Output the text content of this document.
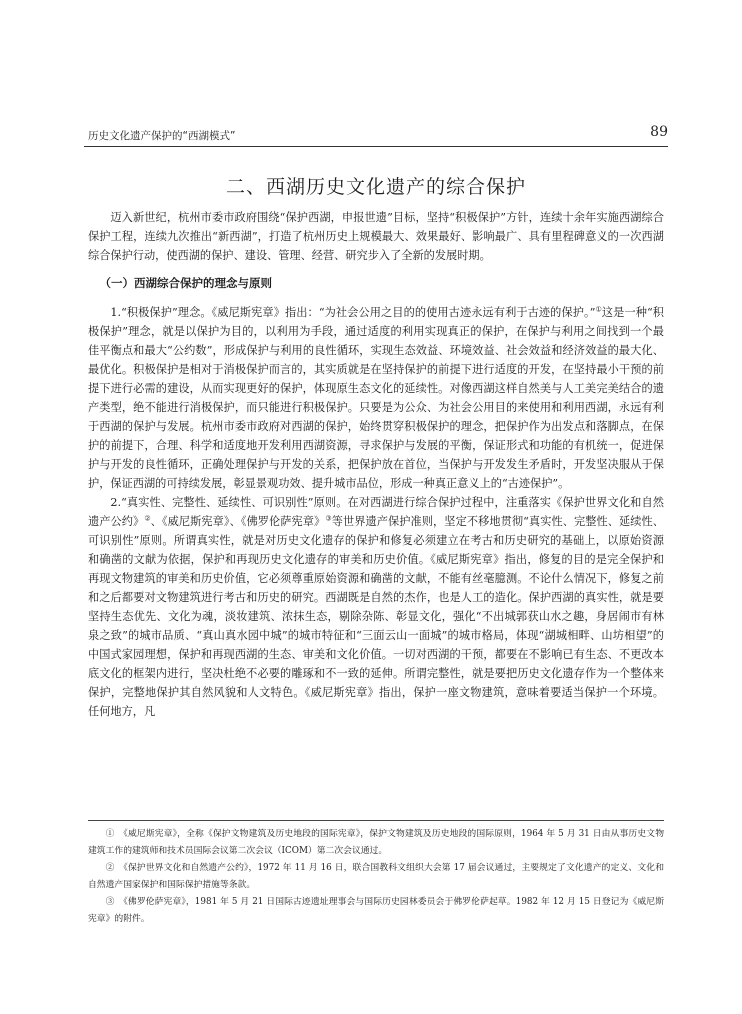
历史文化遗产保护的“西湖模式”	89
二、西湖历史文化遗产的综合保护

迈入新世纪，杭州市委市政府围绕“保护西湖，申报世遗”目标，坚持“积极保护”方针，连续十余年实施西湖综合保护工程，连续九次推出“新西湖”，打造了杭州历史上规模最大、效果最好、影响最广、具有里程碑意义的一次西湖综合保护行动，使西湖的保护、建设、管理、经营、研究步入了全新的发展时期。

（一）西湖综合保护的理念与原则

1.“积极保护”理念。《威尼斯宪章》指出：“为社会公用之目的的使用古迹永远有利于古迹的保护。”①这是一种“积极保护”理念，就是以保护为目的，以利用为手段，通过适度的利用实现真正的保护，在保护与利用之间找到一个最佳平衡点和最大“公约数”，形成保护与利用的良性循环，实现生态效益、环境效益、社会效益和经济效益的最大化、最优化。积极保护是相对于消极保护而言的，其实质就是在坚持保护的前提下进行适度的开发，在坚持最小干预的前提下进行必需的建设，从而实现更好的保护，体现原生态文化的延续性。对像西湖这样自然美与人工美完美结合的遗产类型，绝不能进行消极保护，而只能进行积极保护。只要是为公众、为社会公用目的来使用和利用西湖，永远有利于西湖的保护与发展。杭州市委市政府对西湖的保护，始终贯穿积极保护的理念，把保护作为出发点和落脚点，在保护的前提下，合理、科学和适度地开发利用西湖资源，寻求保护与发展的平衡，保证形式和功能的有机统一，促进保护与开发的良性循环，正确处理保护与开发的关系，把保护放在首位，当保护与开发发生矛盾时，开发坚决服从于保护，保证西湖的可持续发展，彰显景观功效、提升城市品位，形成一种真正意义上的“古迹保护”。

2.“真实性、完整性、延续性、可识别性”原则。在对西湖进行综合保护过程中，注重落实《保护世界文化和自然遗产公约》②、《威尼斯宪章》、《佛罗伦萨宪章》③等世界遗产保护准则，坚定不移地贯彻“真实性、完整性、延续性、可识别性”原则。所谓真实性，就是对历史文化遗存的保护和修复必须建立在考古和历史研究的基础上，以原始资源和确凿的文献为依据，保护和再现历史文化遗存的审美和历史价值。《威尼斯宪章》指出，修复的目的是完全保护和再现文物建筑的审美和历史价值，它必须尊重原始资源和确凿的文献，不能有丝毫臆测。不论什么情况下，修复之前和之后都要对文物建筑进行考古和历史的研究。西湖既是自然的杰作，也是人工的造化。保护西湖的真实性，就是要坚持生态优先、文化为魂，淡妆建筑、浓抹生态，剔除杂陈、彰显文化，强化“不出城郭获山水之趣，身居闹市有林泉之致”的城市品质、“真山真水园中城”的城市特征和“三面云山一面城”的城市格局，体现“湖城相畔、山坊相望”的中国式家园理想，保护和再现西湖的生态、审美和文化价值。一切对西湖的干预，都要在不影响已有生态、不更改本底文化的框架内进行，坚决杜绝不必要的雕琢和不一致的延伸。所谓完整性，就是要把历史文化遗存作为一个整体来保护，完整地保护其自然风貌和人文特色。《威尼斯宪章》指出，保护一座文物建筑，意味着要适当保护一个环境。任何地方，凡

①　《威尼斯宪章》，全称《保护文物建筑及历史地段的国际宪章》，保护文物建筑及历史地段的国际原则，1964 年 5 月 31 日由从事历史文物建筑工作的建筑师和技术员国际会议第二次会议（ICOM）第二次会议通过。

②　《保护世界文化和自然遗产公约》，1972 年 11 月 16 日，联合国教科文组织大会第 17 届会议通过，主要规定了文化遗产的定义、文化和自然遗产国家保护和国际保护措施等条款。

③　《佛罗伦萨宪章》，1981 年 5 月 21 日国际古迹遗址理事会与国际历史园林委员会于佛罗伦萨起草。1982 年 12 月 15 日登记为《威尼斯宪章》的附件。
